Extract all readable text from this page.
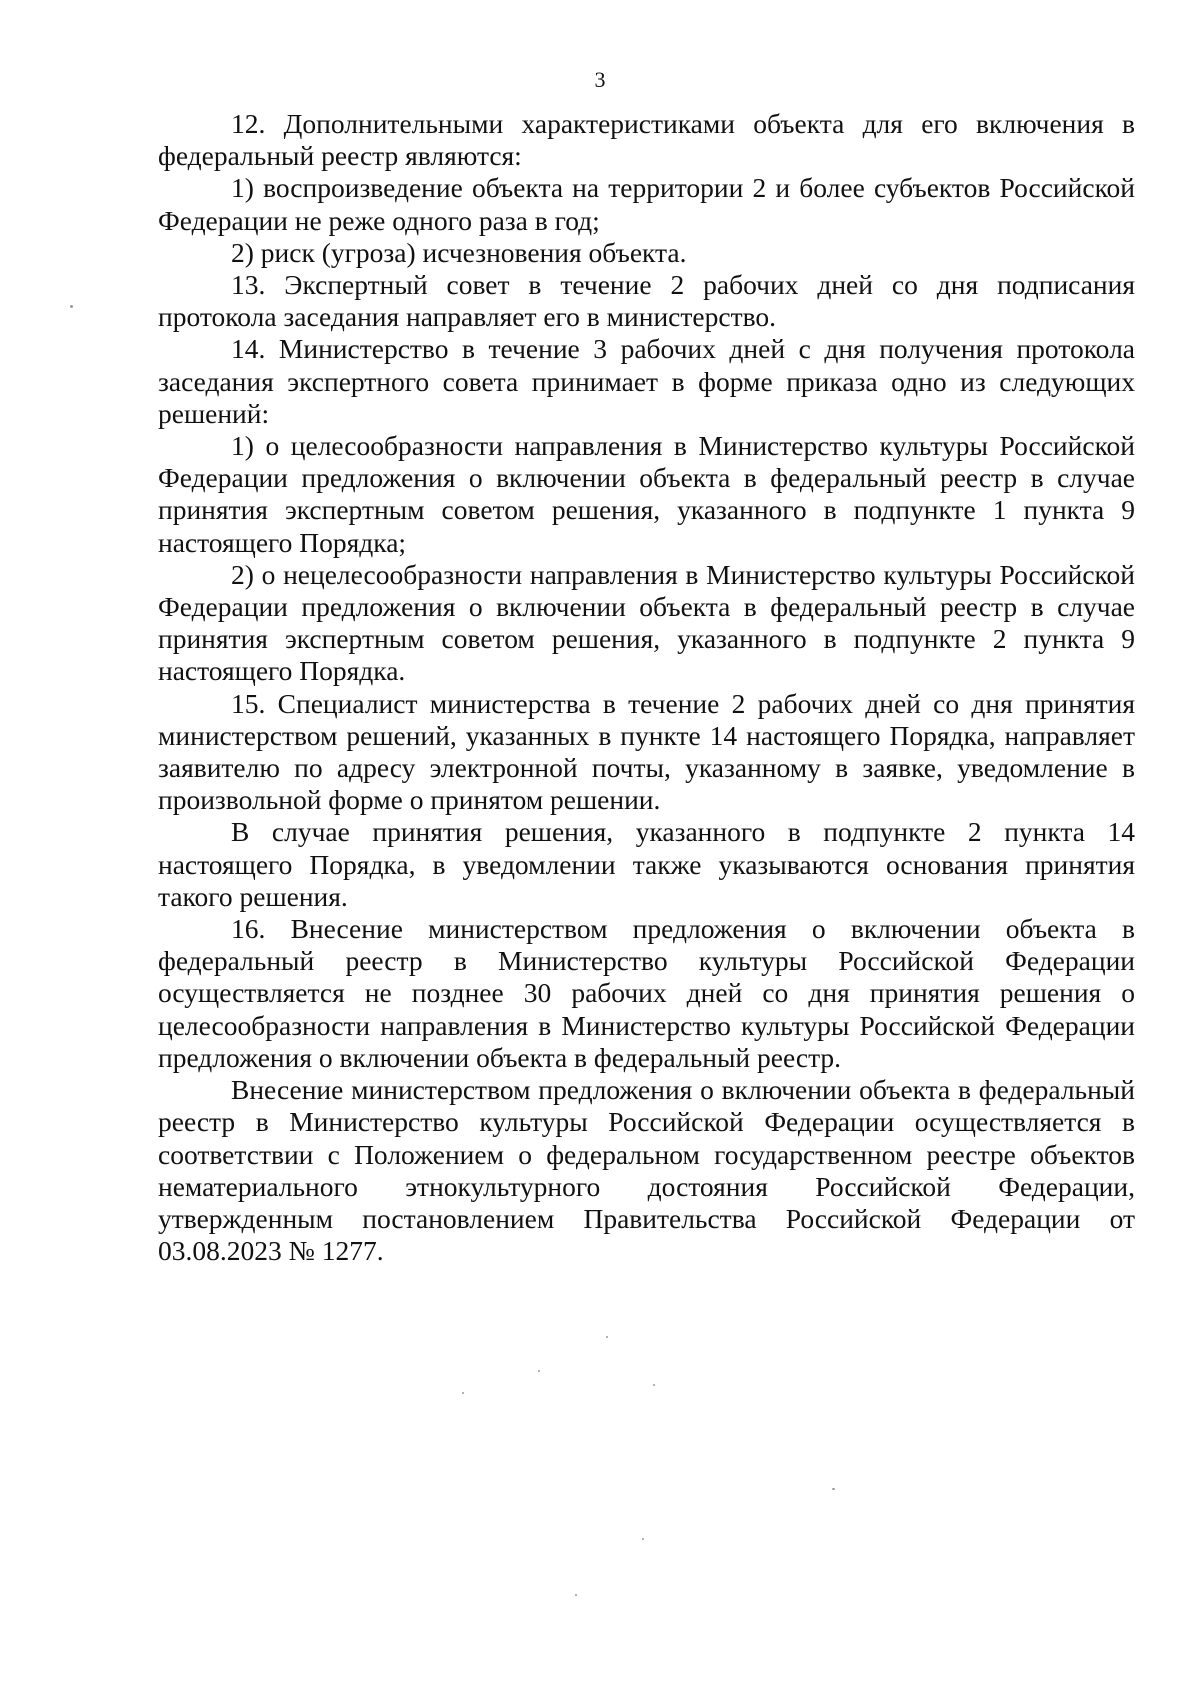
3

12. Дополнительными характеристиками объекта для его включения в федеральный реестр являются:

1) воспроизведение объекта на территории 2 и более субъектов Российской Федерации не реже одного раза в год;

2) риск (угроза) исчезновения объекта.

13. Экспертный совет в течение 2 рабочих дней со дня подписания протокола заседания направляет его в министерство.

14. Министерство в течение 3 рабочих дней с дня получения протокола заседания экспертного совета принимает в форме приказа одно из следующих решений:

1) о целесообразности направления в Министерство культуры Российской Федерации предложения о включении объекта в федеральный реестр в случае принятия экспертным советом решения, указанного в подпункте 1 пункта 9 настоящего Порядка;

2) о нецелесообразности направления в Министерство культуры Российской Федерации предложения о включении объекта в федеральный реестр в случае принятия экспертным советом решения, указанного в подпункте 2 пункта 9 настоящего Порядка.

15. Специалист министерства в течение 2 рабочих дней со дня принятия министерством решений, указанных в пункте 14 настоящего Порядка, направляет заявителю по адресу электронной почты, указанному в заявке, уведомление в произвольной форме о принятом решении.

В случае принятия решения, указанного в подпункте 2 пункта 14 настоящего Порядка, в уведомлении также указываются основания принятия такого решения.

16. Внесение министерством предложения о включении объекта в федеральный реестр в Министерство культуры Российской Федерации осуществляется не позднее 30 рабочих дней со дня принятия решения о целесообразности направления в Министерство культуры Российской Федерации предложения о включении объекта в федеральный реестр.

Внесение министерством предложения о включении объекта в федеральный реестр в Министерство культуры Российской Федерации осуществляется в соответствии с Положением о федеральном государственном реестре объектов нематериального этнокультурного достояния Российской Федерации, утвержденным постановлением Правительства Российской Федерации от 03.08.2023 № 1277.
